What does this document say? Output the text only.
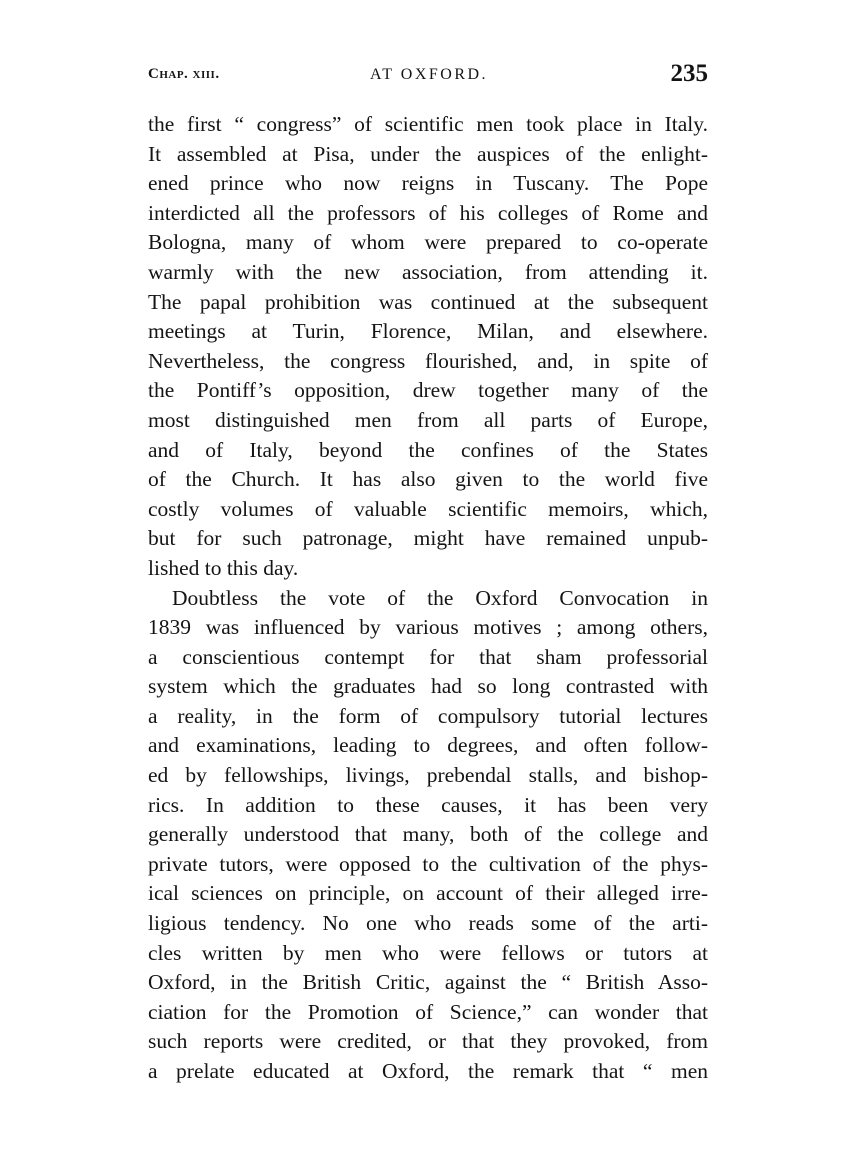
Chap. xiii.	AT OXFORD.	235
the first “ congress” of scientific men took place in Italy.
It assembled at Pisa, under the auspices of the enlight-
ened prince who now reigns in Tuscany. The Pope
interdicted all the professors of his colleges of Rome and
Bologna, many of whom were prepared to co-operate
warmly with the new association, from attending it.
The papal prohibition was continued at the subsequent
meetings at Turin, Florence, Milan, and elsewhere.
Nevertheless, the congress flourished, and, in spite of
the Pontiff’s opposition, drew together many of the
most distinguished men from all parts of Europe,
and of Italy, beyond the confines of the States
of the Church. It has also given to the world five
costly volumes of valuable scientific memoirs, which,
but for such patronage, might have remained unpub-
lished to this day.
Doubtless the vote of the Oxford Convocation in
1839 was influenced by various motives ; among others,
a conscientious contempt for that sham professorial
system which the graduates had so long contrasted with
a reality, in the form of compulsory tutorial lectures
and examinations, leading to degrees, and often follow-
ed by fellowships, livings, prebendal stalls, and bishop-
rics. In addition to these causes, it has been very
generally understood that many, both of the college and
private tutors, were opposed to the cultivation of the phys-
ical sciences on principle, on account of their alleged irre-
ligious tendency. No one who reads some of the arti-
cles written by men who were fellows or tutors at
Oxford, in the British Critic, against the “ British Asso-
ciation for the Promotion of Science,” can wonder that
such reports were credited, or that they provoked, from
a prelate educated at Oxford, the remark that “ men
